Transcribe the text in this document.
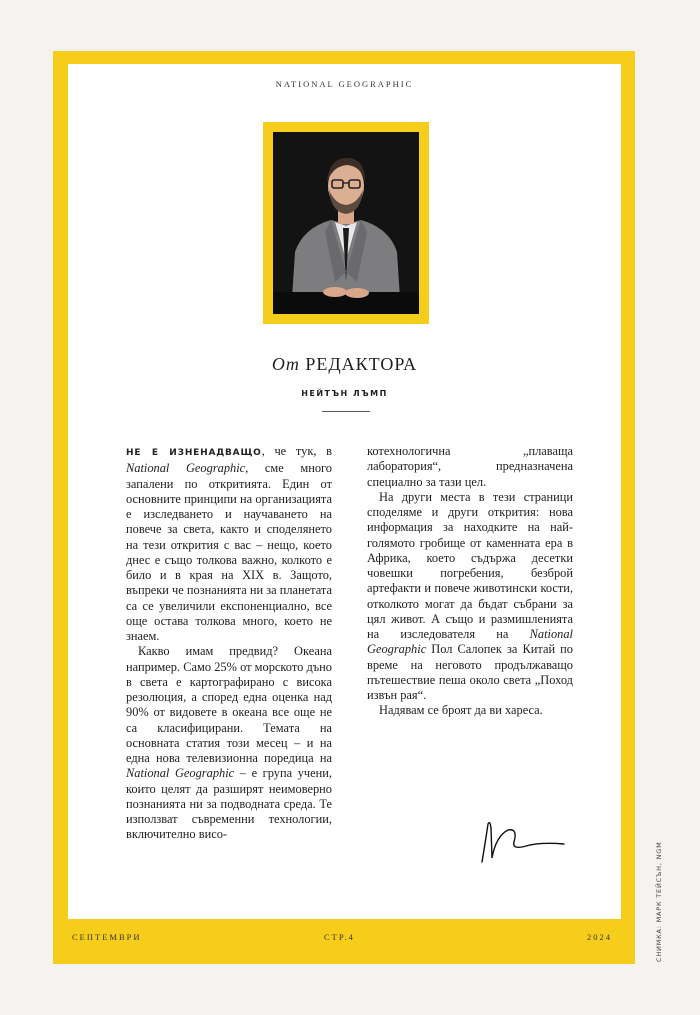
NATIONAL GEOGRAPHIC
От РЕДАКТОРА
НЕЙТЪН ЛЪМП

НЕ Е ИЗНЕНАДВАЩО, че тук, в National Geographic, сме много запалени по откритията. Един от основните принципи на организацията е изследването и научаването на повече за света, както и споделянето на тези открития с вас – нещо, което днес е също толкова важно, колкото е било и в края на XIX в. Защото, въпреки че познанията ни за планетата са се увеличили експоненциално, все още остава толкова много, което не знаем.

Какво имам предвид? Океана например. Само 25% от морското дъно в света е картографирано с висока резолюция, а според една оценка над 90% от видовете в океана все още не са класифицирани. Темата на основната статия този месец – и на една нова телевизионна поредица на National Geographic – е група учени, които целят да разширят неимоверно познанията ни за подводната среда. Те използват съвременни технологии, включително висо-

котехнологична „плаваща лаборатория“, предназначена специално за тази цел.

На други места в тези страници споделяме и други открития: нова информация за находките на най-голямото гробище от каменната ера в Африка, което съдържа десетки човешки погребения, безброй артефакти и повече животински кости, отколкото могат да бъдат събрани за цял живот. А също и размишленията на изследователя на National Geographic Пол Салопек за Китай по време на неговото продължаващо пътешествие пеша около света „Поход извън рая“.

Надявам се броят да ви хареса.

СЕПТЕМВРИ	СТР.4	2024	СНИМКА: МАРК ТЕЙСЪН, NGM
